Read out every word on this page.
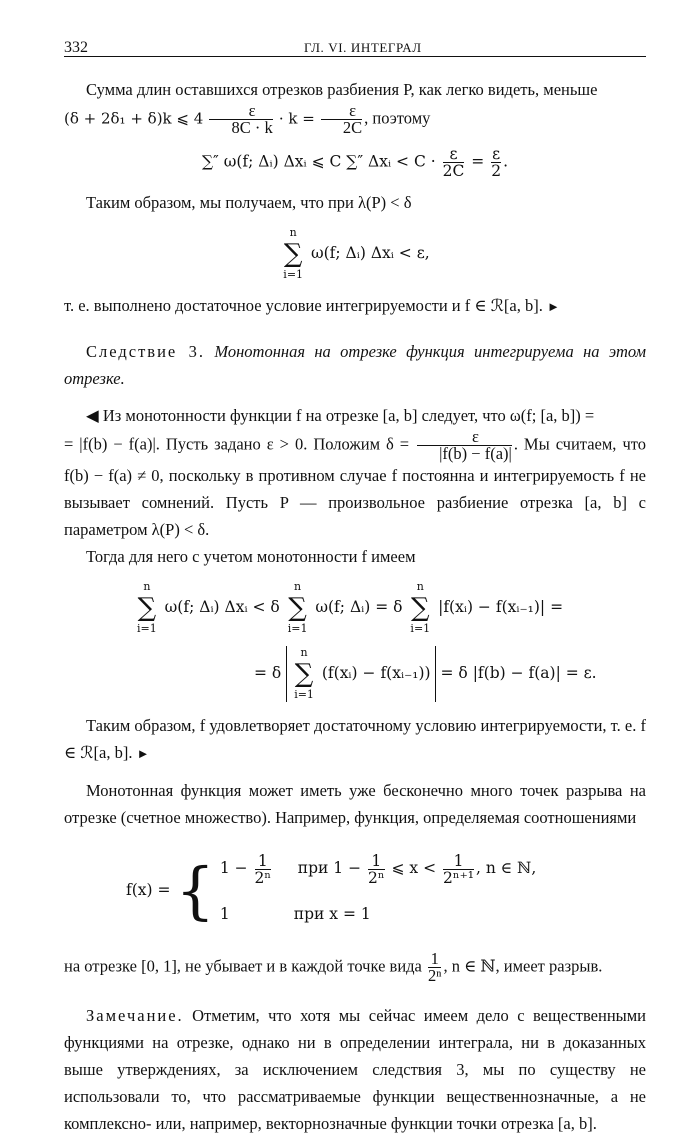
332	ГЛ. VI. ИНТЕГРАЛ

Сумма длин оставшихся отрезков разбиения P, как легко видеть, меньше
(δ + 2δ₁ + δ)k ⩽ $4 \frac{\varepsilon}{8C \cdot k} \cdot k = \frac{\varepsilon}{2C}$ , поэтому

∑″ ω(f; Δᵢ) Δxᵢ ⩽ C ∑″ Δxᵢ < $C \cdot \frac{\varepsilon}{2C} = \frac{\varepsilon}{2}$ .

Таким образом, мы получаем, что при λ(P) < δ

n
∑
i=1
ω(f; Δᵢ) Δxᵢ < ε,

т. е. выполнено достаточное условие интегрируемости и f ∈ ℛ[a, b]. ►

Следствие 3. Монотонная на отрезке функция интегрируема на этом отрезке.

◀ Из монотонности функции f на отрезке [a, b] следует, что ω(f; [a, b]) =
= |f(b) − f(a)|. Пусть задано ε > 0. Положим $\delta = \frac{\varepsilon}{|f(b) - f(a)|}$ . Мы считаем, что f(b) − f(a) ≠ 0, поскольку в противном случае f постоянна и интегрируемость f не вызывает сомнений. Пусть P — произвольное разбиение отрезка [a, b] с параметром λ(P) < δ.

Тогда для него с учетом монотонности f имеем

n
∑
i=1
ω(f; Δᵢ) Δxᵢ < δ
n
∑
i=1
ω(f; Δᵢ) = δ
n
∑
i=1
|f(xᵢ) − f(xᵢ₋₁)| =
= δ
n
∑
i=1
(f(xᵢ) − f(xᵢ₋₁)) = δ |f(b) − f(a)| = ε.

Таким образом, f удовлетворяет достаточному условию интегрируемости, т. е. f ∈ ℛ[a, b]. ►

Монотонная функция может иметь уже бесконечно много точек разрыва на отрезке (счетное множество). Например, функция, определяемая соотношениями

f(x) = { $1 - \frac{1}{\text{2ⁿ}}$ при $1 - \frac{1}{\text{2ⁿ}}$ ⩽ $x < \frac{1}{\text{2ⁿ⁺¹}}$ , n ∈ ℕ,
1	при x = 1

на отрезке [0, 1], не убывает и в каждой точке вида $\frac{1}{\text{2ⁿ}}$ , n ∈ ℕ, имеет разрыв.

Замечание. Отметим, что хотя мы сейчас имеем дело с вещественными функциями на отрезке, однако ни в определении интеграла, ни в доказанных выше утверждениях, за исключением следствия 3, мы по существу не использовали то, что рассматриваемые функции вещественнозначные, а не комплексно- или, например, векторнозначные функции точки отрезка [a, b].
